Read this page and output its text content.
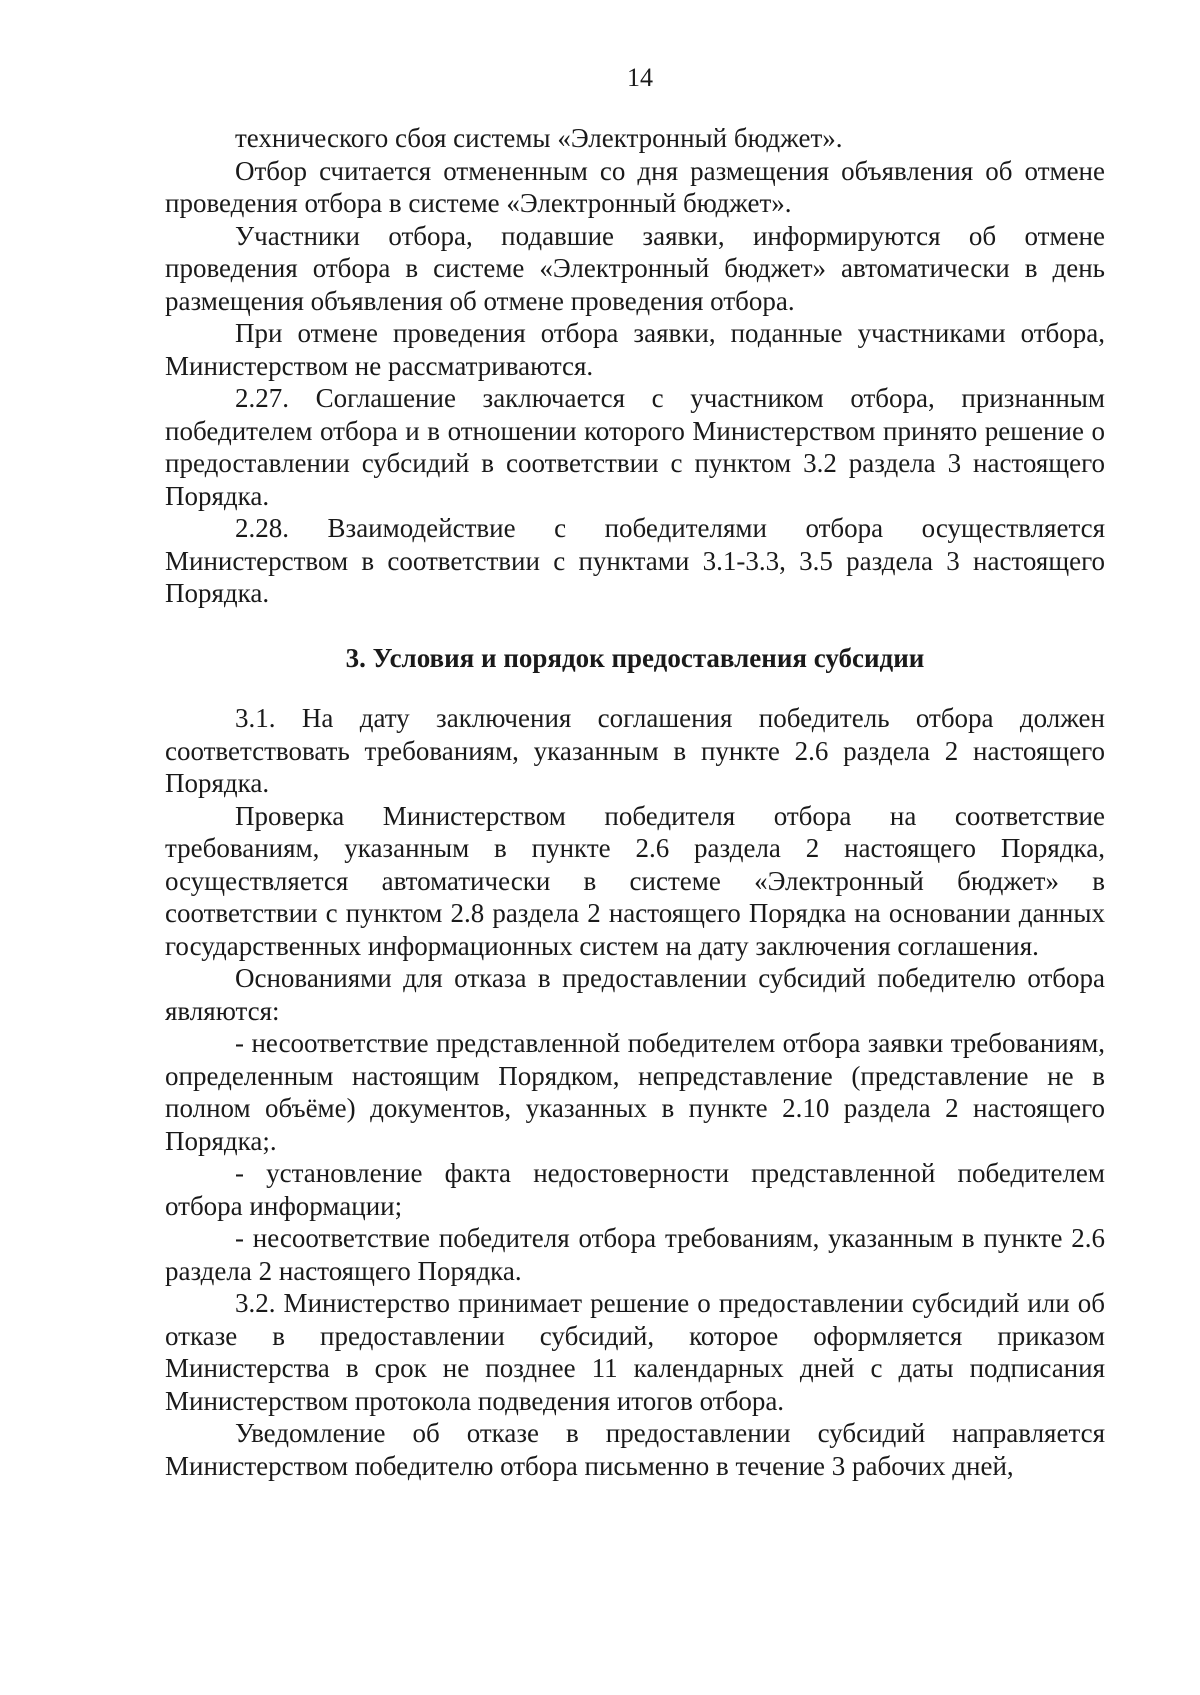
14

технического сбоя системы «Электронный бюджет».

Отбор считается отмененным со дня размещения объявления об отмене проведения отбора в системе «Электронный бюджет».

Участники отбора, подавшие заявки, информируются об отмене проведения отбора в системе «Электронный бюджет» автоматически в день размещения объявления об отмене проведения отбора.

При отмене проведения отбора заявки, поданные участниками отбора, Министерством не рассматриваются.

2.27. Соглашение заключается с участником отбора, признанным победителем отбора и в отношении которого Министерством принято решение о предоставлении субсидий в соответствии с пунктом 3.2 раздела 3 настоящего Порядка.

2.28. Взаимодействие с победителями отбора осуществляется Министерством в соответствии с пунктами 3.1-3.3, 3.5 раздела 3 настоящего Порядка.

3. Условия и порядок предоставления субсидии

3.1. На дату заключения соглашения победитель отбора должен соответствовать требованиям, указанным в пункте 2.6 раздела 2 настоящего Порядка.

Проверка Министерством победителя отбора на соответствие требованиям, указанным в пункте 2.6 раздела 2 настоящего Порядка, осуществляется автоматически в системе «Электронный бюджет» в соответствии с пунктом 2.8 раздела 2 настоящего Порядка на основании данных государственных информационных систем на дату заключения соглашения.

Основаниями для отказа в предоставлении субсидий победителю отбора являются:

- несоответствие представленной победителем отбора заявки требованиям, определенным настоящим Порядком, непредставление (представление не в полном объёме) документов, указанных в пункте 2.10 раздела 2 настоящего Порядка;.

- установление факта недостоверности представленной победителем отбора информации;

- несоответствие победителя отбора требованиям, указанным в пункте 2.6 раздела 2 настоящего Порядка.

3.2. Министерство принимает решение о предоставлении субсидий или об отказе в предоставлении субсидий, которое оформляется приказом Министерства в срок не позднее 11 календарных дней с даты подписания Министерством протокола подведения итогов отбора.

Уведомление об отказе в предоставлении субсидий направляется Министерством победителю отбора письменно в течение 3 рабочих дней,
